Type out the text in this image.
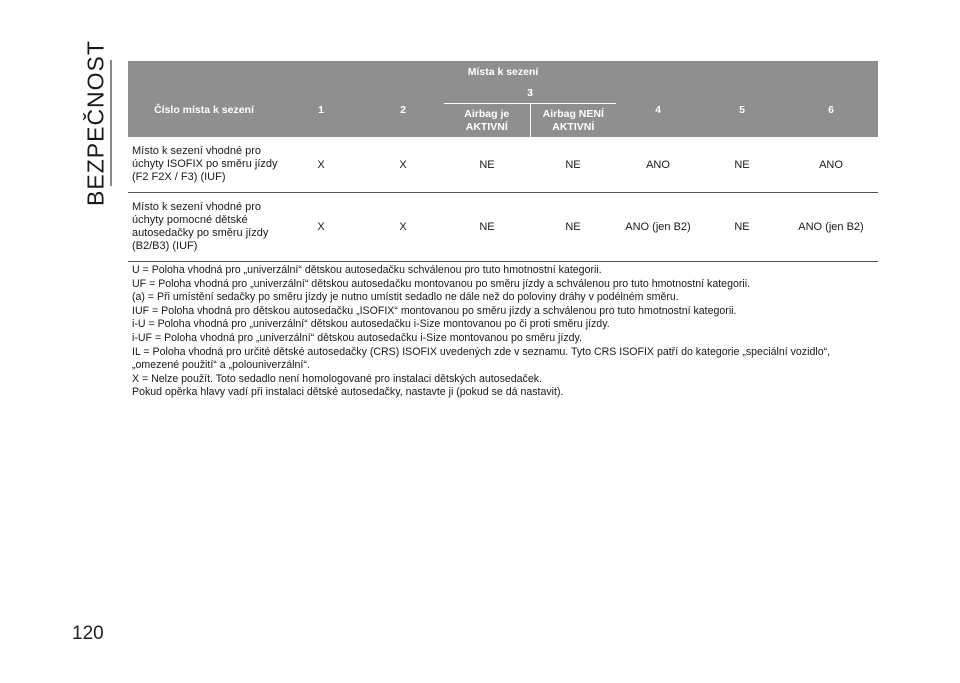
BEZPEČNOST	Místa k sezení							
Číslo místa k sezení	1	2	3		4	5	6
			Airbag je AKTIVNÍ	Airbag NENÍ AKTIVNÍ			
Místo k sezení vhodné pro úchyty ISOFIX po směru jízdy (F2 F2X / F3) (IUF)	X	X	NE	NE	ANO	NE	ANO
Místo k sezení vhodné pro úchyty pomocné dětské autosedačky po směru jízdy (B2/B3) (IUF)	X	X	NE	NE	ANO (jen B2)	NE	ANO (jen B2)
U = Poloha vhodná pro „univerzální“ dětskou autosedačku schválenou pro tuto hmotnostní kategorii.
UF = Poloha vhodná pro „univerzální“ dětskou autosedačku montovanou po směru jízdy a schválenou pro tuto hmotnostní kategorii.
(a) = Při umístění sedačky po směru jízdy je nutno umístit sedadlo ne dále než do poloviny dráhy v podélném směru.
IUF = Poloha vhodná pro dětskou autosedačku „ISOFIX“ montovanou po směru jízdy a schválenou pro tuto hmotnostní kategorii.
i-U = Poloha vhodná pro „univerzální“ dětskou autosedačku i-Size montovanou po či proti směru jízdy.
i-UF = Poloha vhodná pro „univerzální“ dětskou autosedačku i-Size montovanou po směru jízdy.
IL = Poloha vhodná pro určité dětské autosedačky (CRS) ISOFIX uvedených zde v seznamu. Tyto CRS ISOFIX patří do kategorie „speciální vozidlo“,
„omezené použití“ a „polouniverzální“.
X = Nelze použít. Toto sedadlo není homologované pro instalaci dětských autosedaček.
Pokud opěrka hlavy vadí při instalaci dětské autosedačky, nastavte ji (pokud se dá nastavit).
120
